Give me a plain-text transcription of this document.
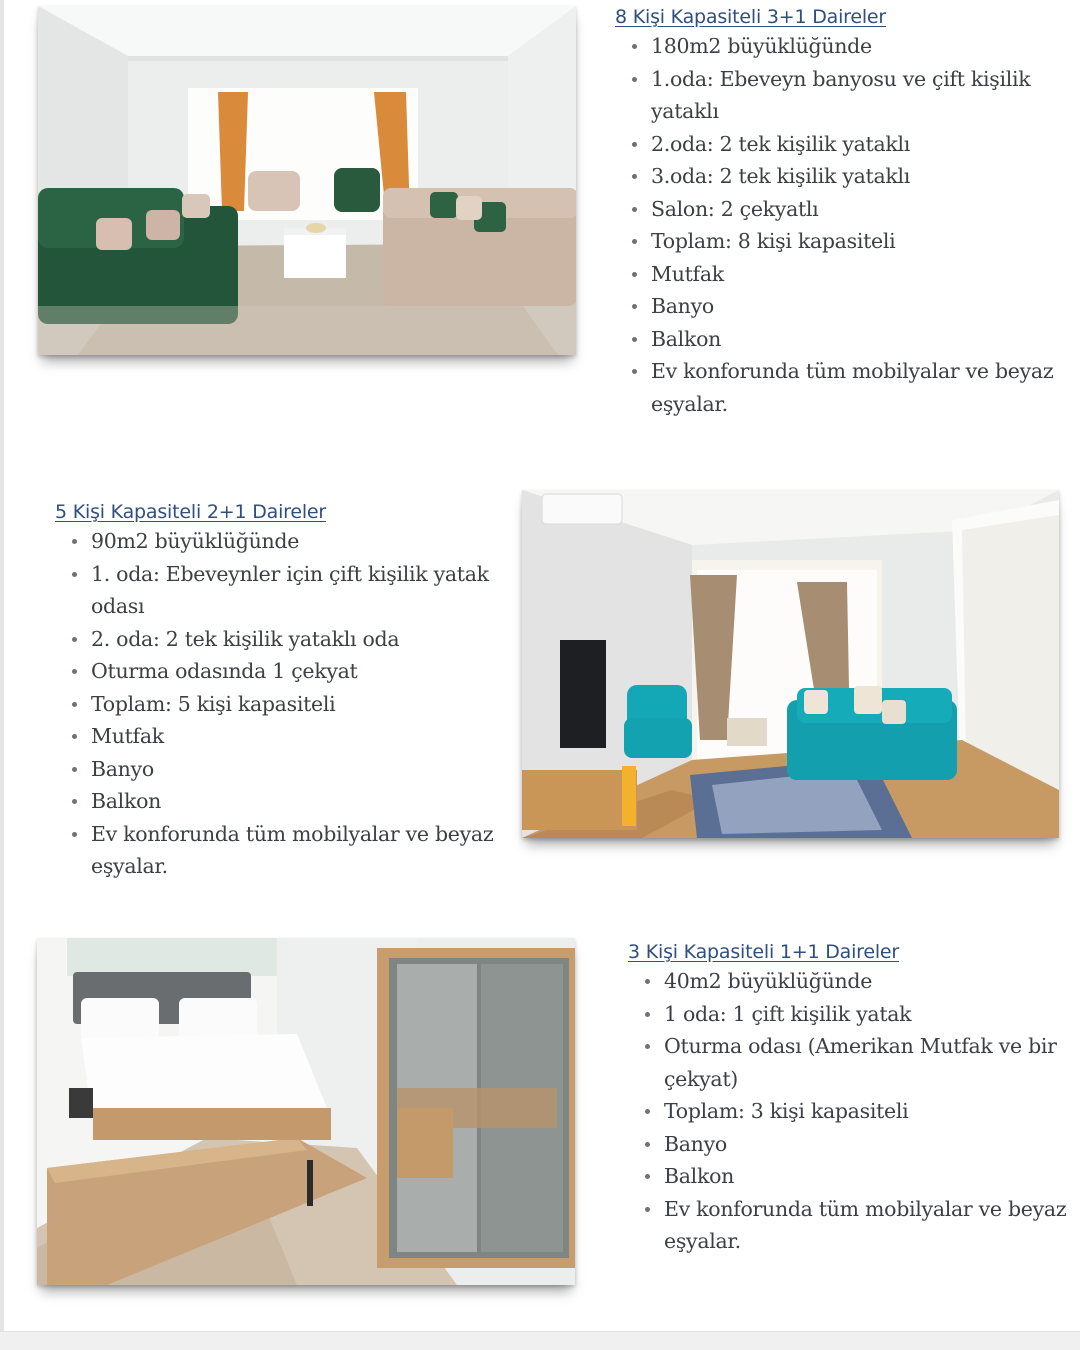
8 Kişi Kapasiteli 3+1 Daireler
180m2 büyüklüğünde
1.oda: Ebeveyn banyosu ve çift kişilik yataklı
2.oda: 2 tek kişilik yataklı
3.oda: 2 tek kişilik yataklı
Salon: 2 çekyatlı
Toplam: 8 kişi kapasiteli
Mutfak
Banyo
Balkon
Ev konforunda tüm mobilyalar ve beyaz eşyalar.
5 Kişi Kapasiteli 2+1 Daireler
90m2 büyüklüğünde
1. oda: Ebeveynler için çift kişilik yatak odası
2. oda: 2 tek kişilik yataklı oda
Oturma odasında 1 çekyat
Toplam: 5 kişi kapasiteli
Mutfak
Banyo
Balkon
Ev konforunda tüm mobilyalar ve beyaz eşyalar.
3 Kişi Kapasiteli 1+1 Daireler
40m2 büyüklüğünde
1 oda: 1 çift kişilik yatak
Oturma odası (Amerikan Mutfak ve bir çekyat)
Toplam: 3 kişi kapasiteli
Banyo
Balkon
Ev konforunda tüm mobilyalar ve beyaz eşyalar.
